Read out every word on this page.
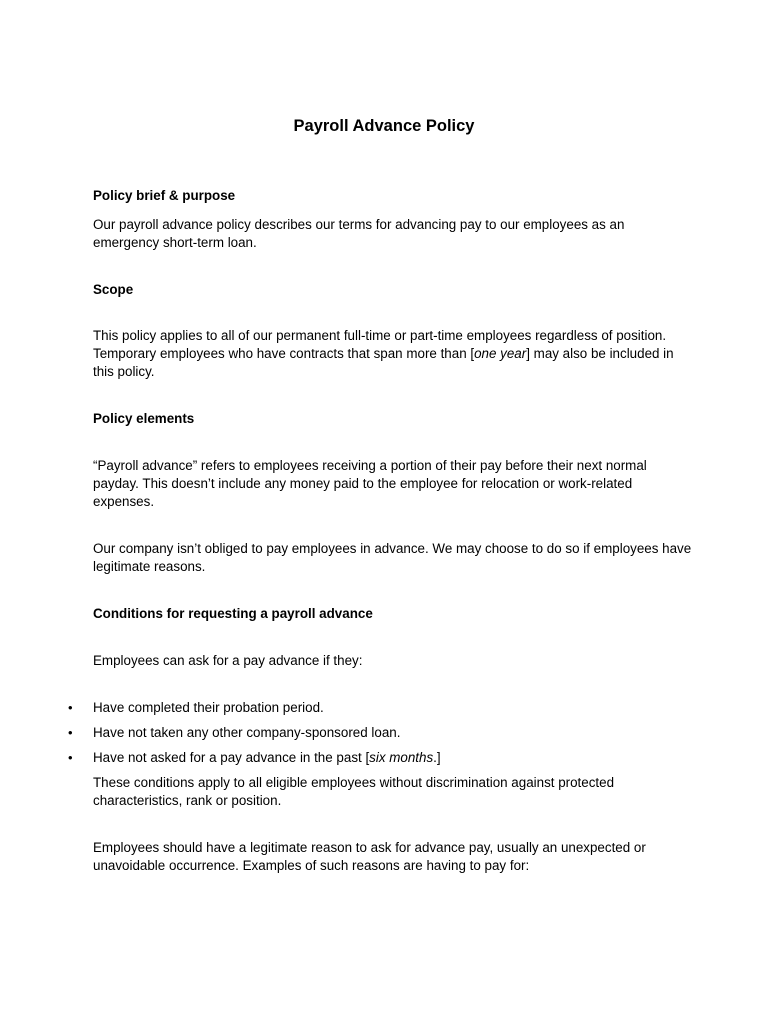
Payroll Advance Policy

Policy brief & purpose

Our payroll advance policy describes our terms for advancing pay to our employees as an emergency short-term loan.

Scope

This policy applies to all of our permanent full-time or part-time employees regardless of position. Temporary employees who have contracts that span more than [one year] may also be included in this policy.

Policy elements

“Payroll advance” refers to employees receiving a portion of their pay before their next normal payday. This doesn’t include any money paid to the employee for relocation or work-related expenses.

Our company isn’t obliged to pay employees in advance. We may choose to do so if employees have legitimate reasons.

Conditions for requesting a payroll advance

Employees can ask for a pay advance if they:

•	Have completed their probation period.
•	Have not taken any other company-sponsored loan.
•	Have not asked for a pay advance in the past [six months.]

These conditions apply to all eligible employees without discrimination against protected characteristics, rank or position.

Employees should have a legitimate reason to ask for advance pay, usually an unexpected or unavoidable occurrence. Examples of such reasons are having to pay for:
